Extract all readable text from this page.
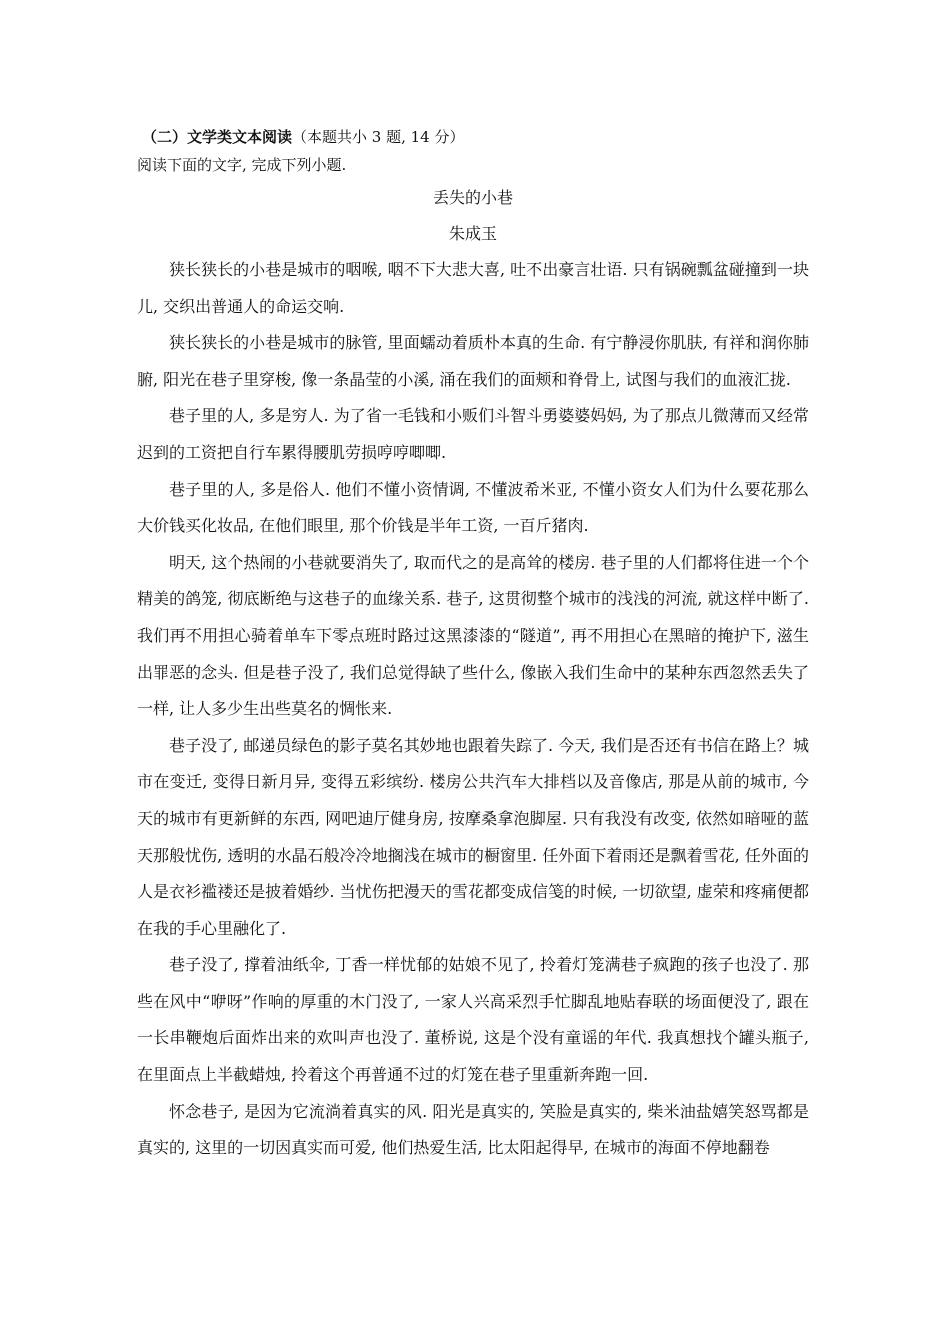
（二）文学类文本阅读（本题共小 3 题, 14 分）
阅读下面的文字, 完成下列小题.
丢失的小巷
朱成玉

狭长狭长的小巷是城市的咽喉, 咽不下大悲大喜, 吐不出豪言壮语. 只有锅碗瓢盆碰撞到一块儿, 交织出普通人的命运交响.

狭长狭长的小巷是城市的脉管, 里面蠕动着质朴本真的生命. 有宁静浸你肌肤, 有祥和润你肺腑, 阳光在巷子里穿梭, 像一条晶莹的小溪, 涌在我们的面颊和脊骨上, 试图与我们的血液汇拢.

巷子里的人, 多是穷人. 为了省一毛钱和小贩们斗智斗勇婆婆妈妈, 为了那点儿微薄而又经常迟到的工资把自行车累得腰肌劳损哼哼唧唧.

巷子里的人, 多是俗人. 他们不懂小资情调, 不懂波希米亚, 不懂小资女人们为什么要花那么大价钱买化妆品, 在他们眼里, 那个价钱是半年工资, 一百斤猪肉.

明天, 这个热闹的小巷就要消失了, 取而代之的是高耸的楼房. 巷子里的人们都将住进一个个精美的鸽笼, 彻底断绝与这巷子的血缘关系. 巷子, 这贯彻整个城市的浅浅的河流, 就这样中断了. 我们再不用担心骑着单车下零点班时路过这黑漆漆的“隧道”, 再不用担心在黑暗的掩护下, 滋生出罪恶的念头. 但是巷子没了, 我们总觉得缺了些什么, 像嵌入我们生命中的某种东西忽然丢失了一样, 让人多少生出些莫名的惆怅来.

巷子没了, 邮递员绿色的影子莫名其妙地也跟着失踪了. 今天, 我们是否还有书信在路上？城市在变迁, 变得日新月异, 变得五彩缤纷. 楼房公共汽车大排档以及音像店, 那是从前的城市, 今天的城市有更新鲜的东西, 网吧迪厅健身房, 按摩桑拿泡脚屋. 只有我没有改变, 依然如暗哑的蓝天那般忧伤, 透明的水晶石般冷冷地搁浅在城市的橱窗里. 任外面下着雨还是飘着雪花, 任外面的人是衣衫褴褛还是披着婚纱. 当忧伤把漫天的雪花都变成信笺的时候, 一切欲望, 虚荣和疼痛便都在我的手心里融化了.

巷子没了, 撑着油纸伞, 丁香一样忧郁的姑娘不见了, 拎着灯笼满巷子疯跑的孩子也没了. 那些在风中“咿呀”作响的厚重的木门没了, 一家人兴高采烈手忙脚乱地贴春联的场面便没了, 跟在一长串鞭炮后面炸出来的欢叫声也没了. 董桥说, 这是个没有童谣的年代. 我真想找个罐头瓶子, 在里面点上半截蜡烛, 拎着这个再普通不过的灯笼在巷子里重新奔跑一回.

怀念巷子, 是因为它流淌着真实的风. 阳光是真实的, 笑脸是真实的, 柴米油盐嬉笑怒骂都是真实的, 这里的一切因真实而可爱, 他们热爱生活, 比太阳起得早, 在城市的海面不停地翻卷
